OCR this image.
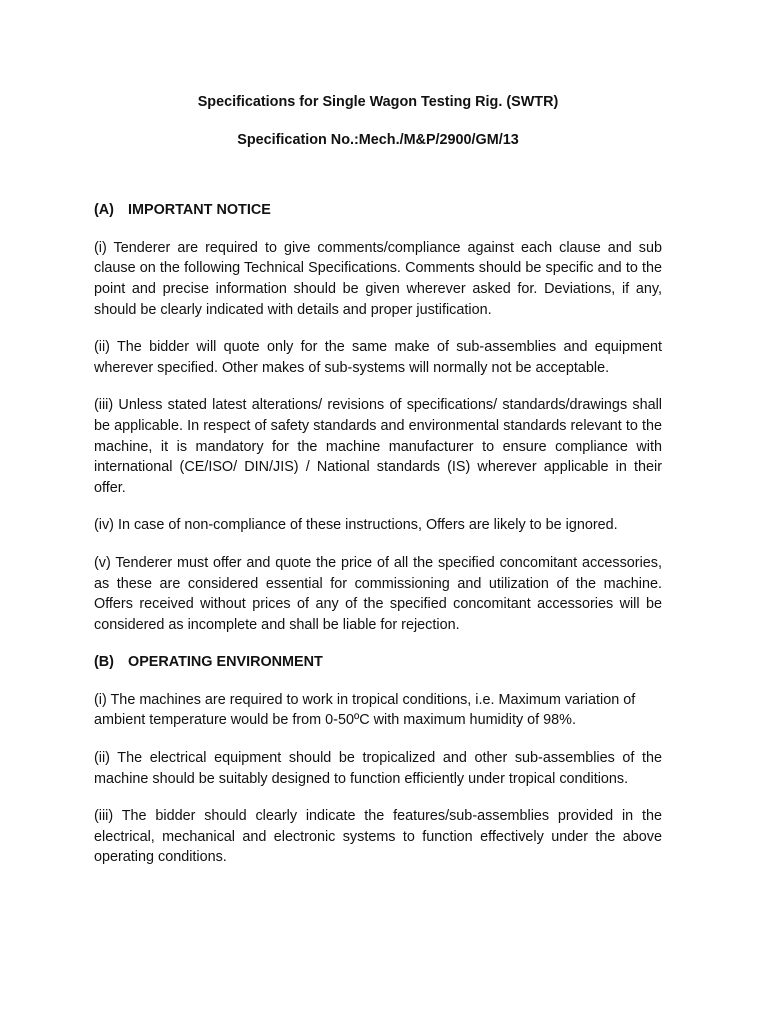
Specifications for Single Wagon Testing Rig. (SWTR)

Specification No.:Mech./M&P/2900/GM/13

(A) IMPORTANT NOTICE

(i) Tenderer are required to give comments/compliance against each clause and sub clause on the following Technical Specifications. Comments should be specific and to the point and precise information should be given wherever asked for. Deviations, if any, should be clearly indicated with details and proper justification.

(ii) The bidder will quote only for the same make of sub-assemblies and equipment wherever specified. Other makes of sub-systems will normally not be acceptable.

(iii) Unless stated latest alterations/ revisions of specifications/ standards/drawings shall be applicable. In respect of safety standards and environmental standards relevant to the machine, it is mandatory for the machine manufacturer to ensure compliance with international (CE/ISO/ DIN/JIS) / National standards (IS) wherever applicable in their offer.

(iv) In case of non-compliance of these instructions, Offers are likely to be ignored.

(v) Tenderer must offer and quote the price of all the specified concomitant accessories, as these are considered essential for commissioning and utilization of the machine. Offers received without prices of any of the specified concomitant accessories will be considered as incomplete and shall be liable for rejection.

(B) OPERATING ENVIRONMENT

(i) The machines are required to work in tropical conditions, i.e. Maximum variation of ambient temperature would be from 0-50ºC with maximum humidity of 98%.

(ii) The electrical equipment should be tropicalized and other sub-assemblies of the machine should be suitably designed to function efficiently under tropical conditions.

(iii) The bidder should clearly indicate the features/sub-assemblies provided in the electrical, mechanical and electronic systems to function effectively under the above operating conditions.
